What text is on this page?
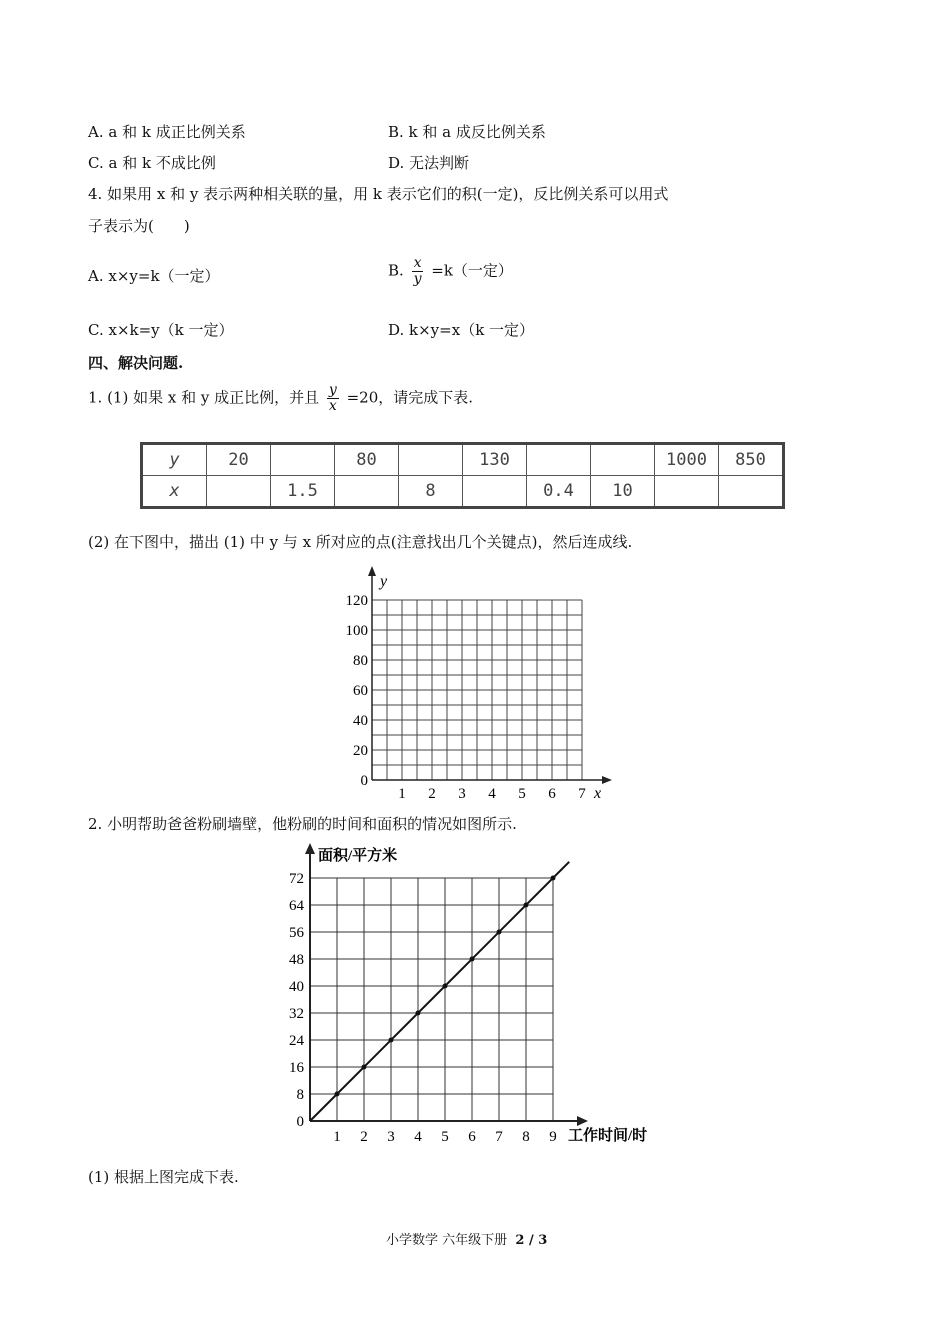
A. a 和 k 成正比例关系	B. k 和 a 成反比例关系
C. a 和 k 不成比例	D. 无法判断
4. 如果用 x 和 y 表示两种相关联的量，用 k 表示它们的积(一定)，反比例关系可以用式
子表示为(　　)
A. x×y=k（一定）	B. $\frac{x}{y} =k$（一定）
C. x×k=y（k 一定）	D. k×y=x（k 一定）
四、解决问题.
1. (1) 如果 x 和 y 成正比例，并且 $\frac{y}{x} =20$，请完成下表.
y	20		80		130			1000	850
x		1.5		8		0.4	10		
(2) 在下图中，描出 (1) 中 y 与 x 所对应的点(注意找出几个关键点)，然后连成线.
y
x
120
100
80
60
40
20
0
1 2 3 4 5 6 7
2. 小明帮助爸爸粉刷墙壁，他粉刷的时间和面积的情况如图所示.
面积/平方米
工作时间/时
72
64
56
48
40
32
24
16
8
0
1 2 3 4 5 6 7 8 9
(1) 根据上图完成下表.
小学数学 六年级下册 2 / 3
